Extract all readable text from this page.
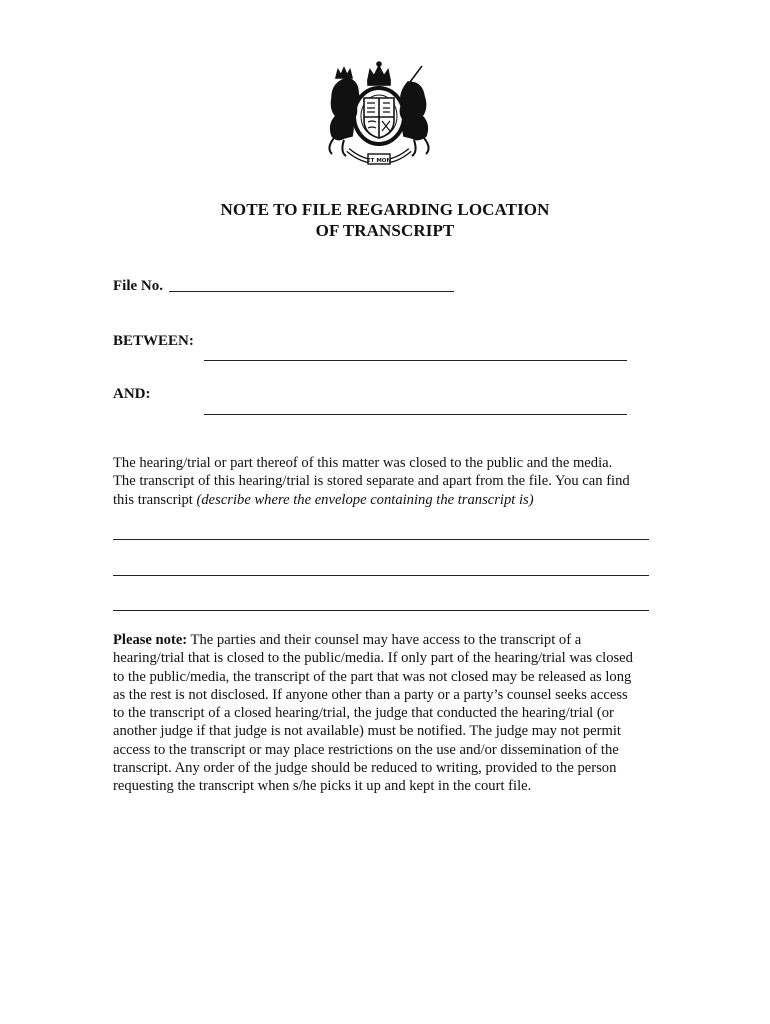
ET MON
NOTE TO FILE REGARDING LOCATION
OF TRANSCRIPT
File No.
BETWEEN:
AND:
The hearing/trial or part thereof of this matter was closed to the public and the media.
The transcript of this hearing/trial is stored separate and apart from the file. You can find
this transcript (describe where the envelope containing the transcript is)
Please note: The parties and their counsel may have access to the transcript of a
hearing/trial that is closed to the public/media. If only part of the hearing/trial was closed
to the public/media, the transcript of the part that was not closed may be released as long
as the rest is not disclosed. If anyone other than a party or a party’s counsel seeks access
to the transcript of a closed hearing/trial, the judge that conducted the hearing/trial (or
another judge if that judge is not available) must be notified. The judge may not permit
access to the transcript or may place restrictions on the use and/or dissemination of the
transcript. Any order of the judge should be reduced to writing, provided to the person
requesting the transcript when s/he picks it up and kept in the court file.
